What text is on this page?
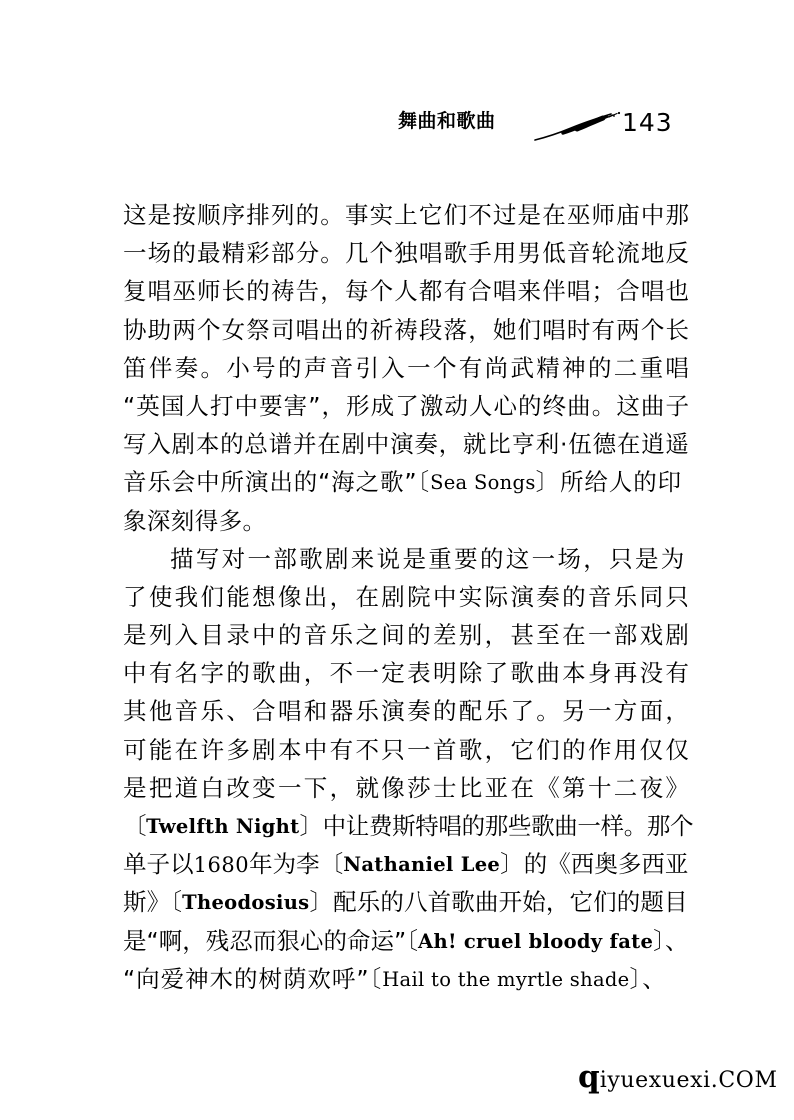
舞曲和歌曲	143
这是按顺序排列的。事实上它们不过是在巫师庙中那
一场的最精彩部分。几个独唱歌手用男低音轮流地反
复唱巫师长的祷告，每个人都有合唱来伴唱；合唱也
协助两个女祭司唱出的祈祷段落，她们唱时有两个长
笛伴奏。小号的声音引入一个有尚武精神的二重唱
“英国人打中要害”，形成了激动人心的终曲。这曲子
写入剧本的总谱并在剧中演奏，就比亨利·伍德在逍遥
音乐会中所演出的“海之歌”〔Sea Songs〕所给人的印
象深刻得多。
描写对一部歌剧来说是重要的这一场，只是为
了使我们能想像出，在剧院中实际演奏的音乐同只
是列入目录中的音乐之间的差别，甚至在一部戏剧
中有名字的歌曲，不一定表明除了歌曲本身再没有
其他音乐、合唱和器乐演奏的配乐了。另一方面，
可能在许多剧本中有不只一首歌，它们的作用仅仅
是把道白改变一下，就像莎士比亚在《第十二夜》
〔Twelfth Night〕中让费斯特唱的那些歌曲一样。那个
单子以1680年为李〔Nathaniel Lee〕的《西奥多西亚
斯》〔Theodosius〕配乐的八首歌曲开始，它们的题目
是“啊，残忍而狠心的命运”〔Ah! cruel bloody fate〕、
“向爱神木的树荫欢呼”〔Hail to the myrtle shade〕、
q iyuexuexi.COM
